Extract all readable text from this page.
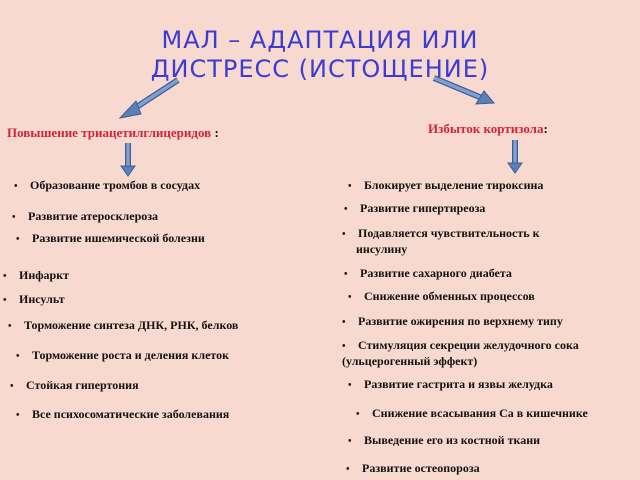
МАЛ – АДАПТАЦИЯ ИЛИ
ДИСТРЕСС (ИСТОЩЕНИЕ)
Повышение триацетилглицеридов :	Избыток кортизола:
• Образование тромбов в сосудах
• Развитие атеросклероза
• Развитие ишемической болезни
• Инфаркт
• Инсульт
• Торможение синтеза ДНК, РНК, белков
• Торможение роста и деления клеток
• Стойкая гипертония
• Все психосоматические заболевания
• Блокирует выделение тироксина
• Развитие гипертиреоза
• Подавляется чувствительность к
инсулину
• Развитие сахарного диабета
• Снижение обменных процессов
• Развитие ожирения по верхнему типу
• Стимуляция секреции желудочного сока
(ульцерогенный эффект)
• Развитие гастрита и язвы желудка
• Снижение всасывания Са в кишечнике
• Выведение его из костной ткани
• Развитие остеопороза
